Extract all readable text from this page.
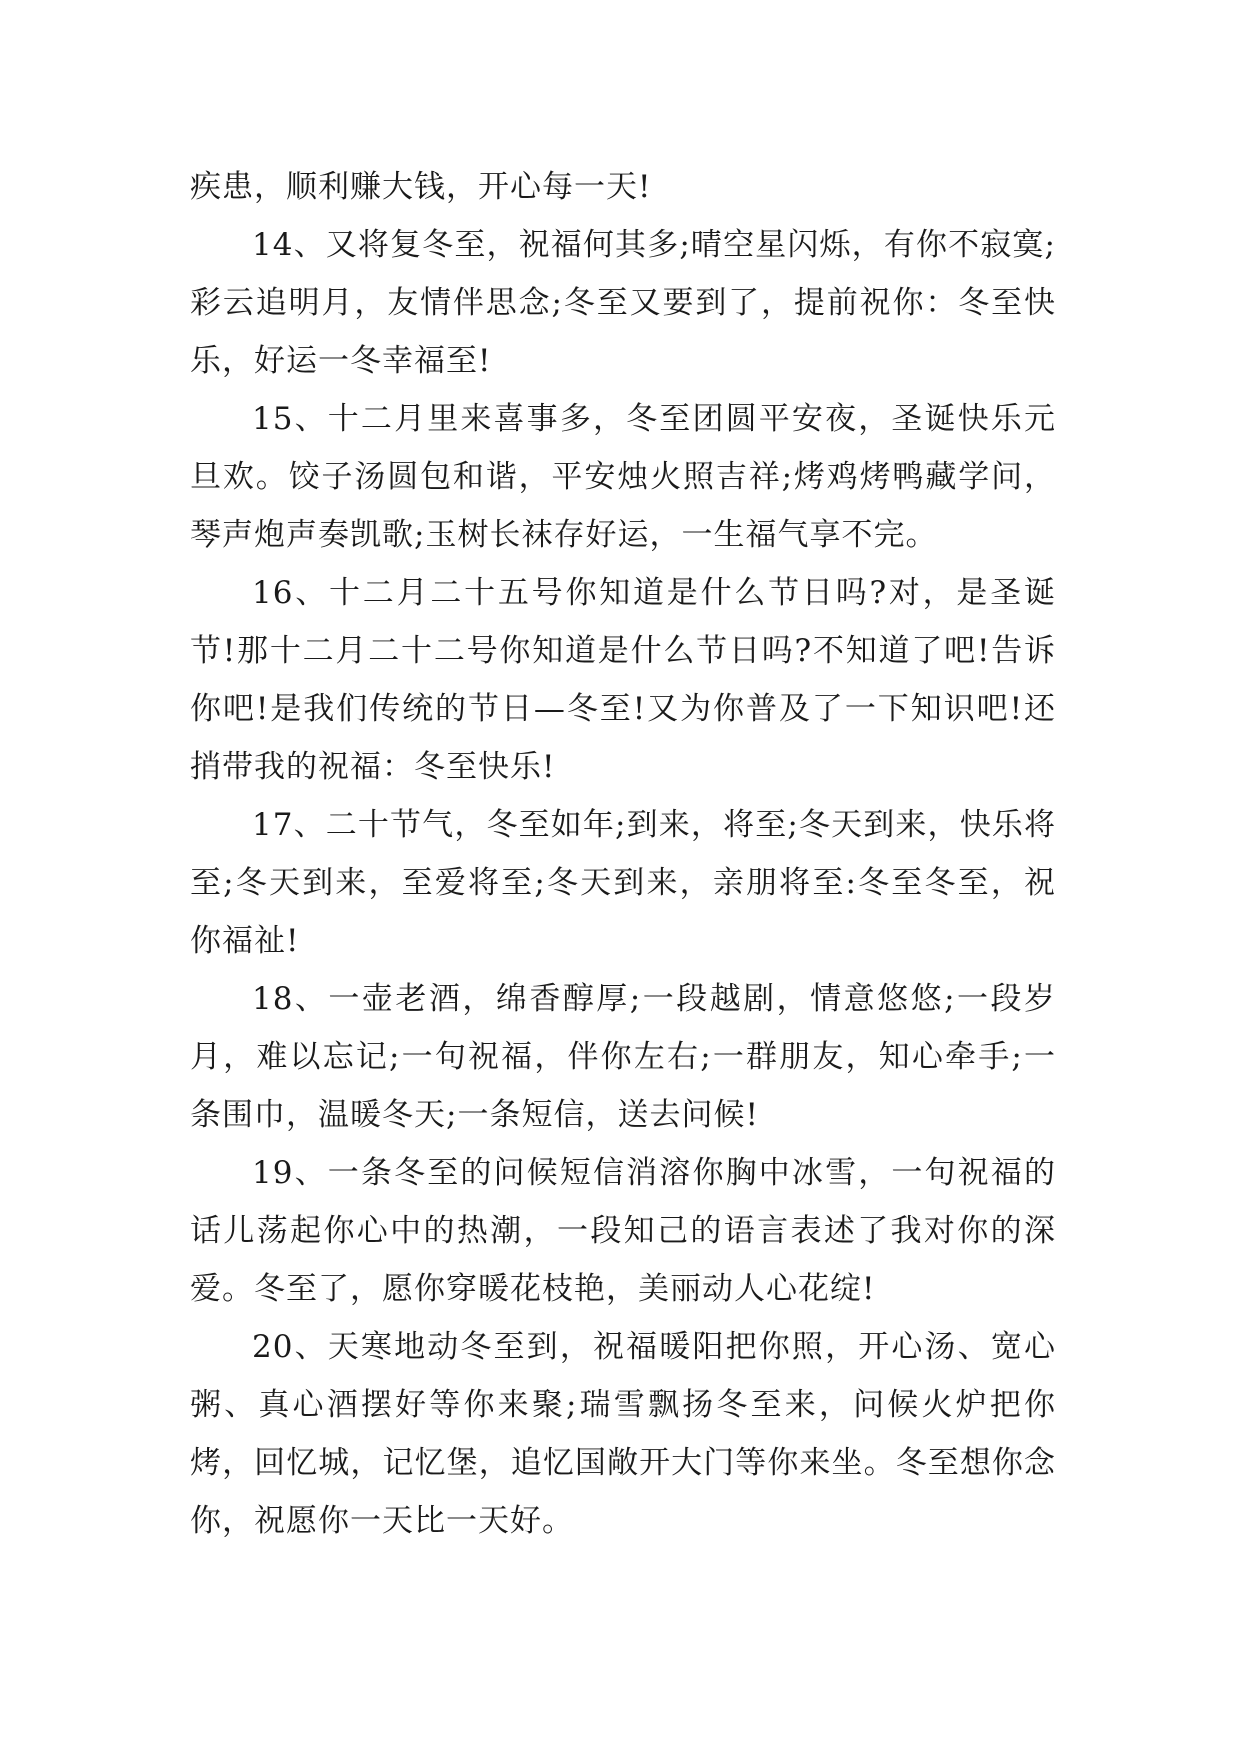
疾患，顺利赚大钱，开心每一天!

14、又将复冬至，祝福何其多;晴空星闪烁，有你不寂寞;彩云追明月，友情伴思念;冬至又要到了，提前祝你：冬至快乐，好运一冬幸福至!

15、十二月里来喜事多，冬至团圆平安夜，圣诞快乐元旦欢。饺子汤圆包和谐，平安烛火照吉祥;烤鸡烤鸭藏学问，琴声炮声奏凯歌;玉树长袜存好运，一生福气享不完。

16、十二月二十五号你知道是什么节日吗?对，是圣诞节!那十二月二十二号你知道是什么节日吗?不知道了吧!告诉你吧!是我们传统的节日—冬至!又为你普及了一下知识吧!还捎带我的祝福：冬至快乐!

17、二十节气，冬至如年;到来，将至;冬天到来，快乐将至;冬天到来，至爱将至;冬天到来，亲朋将至:冬至冬至，祝你福祉!

18、一壶老酒，绵香醇厚;一段越剧，情意悠悠;一段岁月，难以忘记;一句祝福，伴你左右;一群朋友，知心牵手;一条围巾，温暖冬天;一条短信，送去问候!

19、一条冬至的问候短信消溶你胸中冰雪，一句祝福的话儿荡起你心中的热潮，一段知己的语言表述了我对你的深爱。冬至了，愿你穿暖花枝艳，美丽动人心花绽!

20、天寒地动冬至到，祝福暖阳把你照，开心汤、宽心粥、真心酒摆好等你来聚;瑞雪飘扬冬至来，问候火炉把你烤，回忆城，记忆堡，追忆国敞开大门等你来坐。冬至想你念你，祝愿你一天比一天好。
